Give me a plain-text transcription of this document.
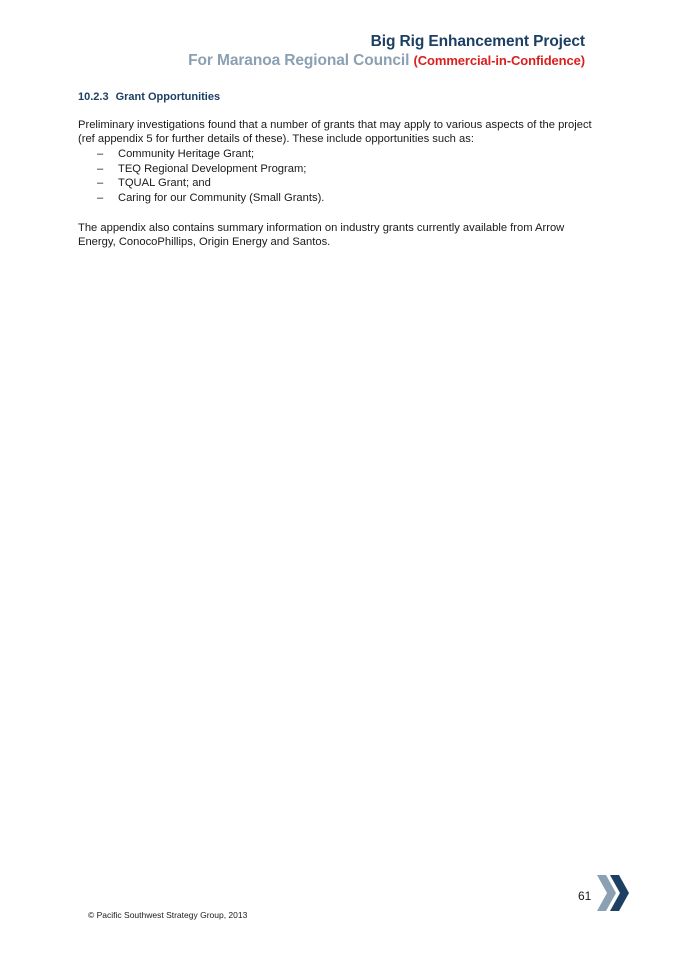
Big Rig Enhancement Project
For Maranoa Regional Council (Commercial-in-Confidence)
10.2.3 Grant Opportunities

Preliminary investigations found that a number of grants that may apply to various aspects of the project (ref appendix 5 for further details of these). These include opportunities such as:

– Community Heritage Grant;
– TEQ Regional Development Program;
– TQUAL Grant; and
– Caring for our Community (Small Grants).

The appendix also contains summary information on industry grants currently available from Arrow Energy, ConocoPhillips, Origin Energy and Santos.

61
© Pacific Southwest Strategy Group, 2013
